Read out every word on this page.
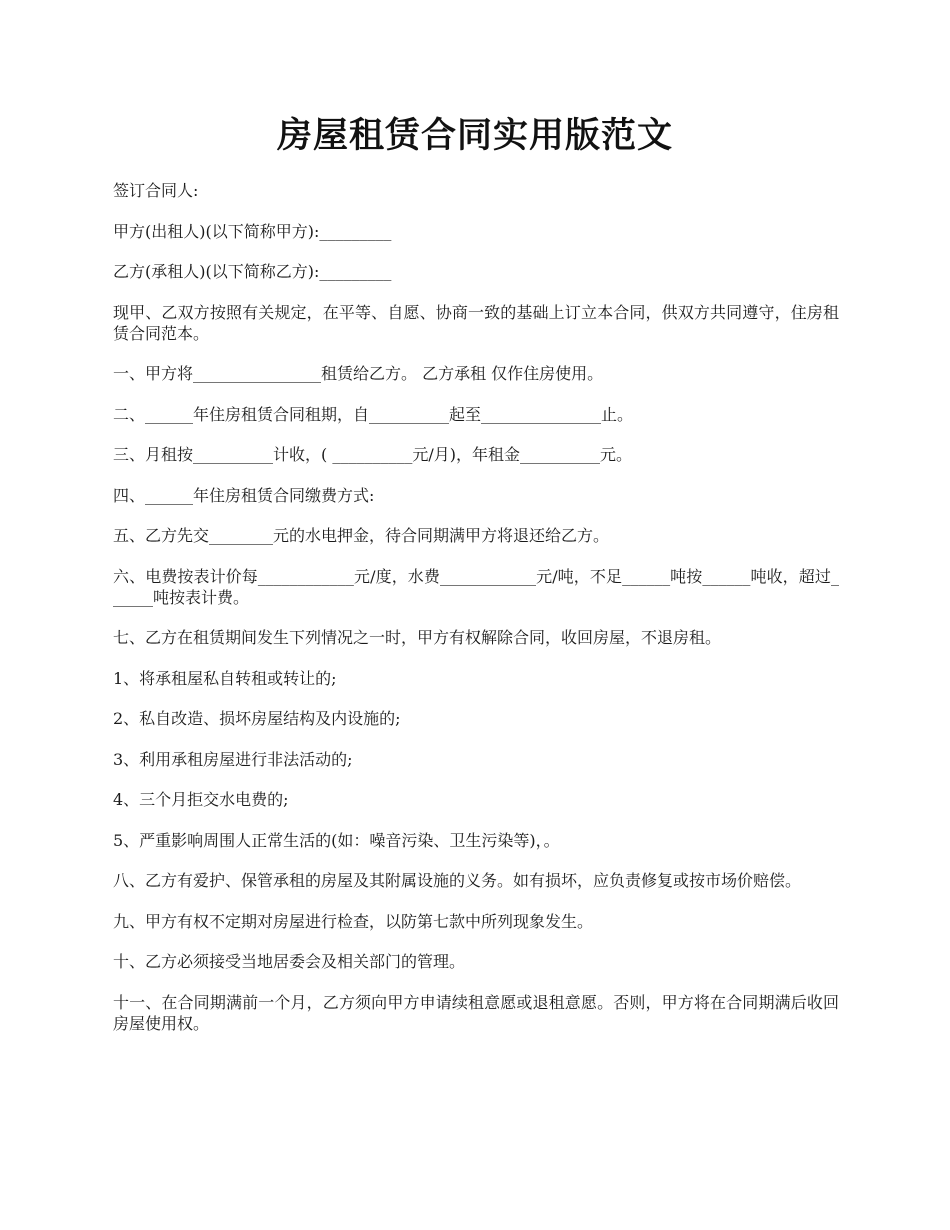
房屋租赁合同实用版范文

签订合同人:

甲方(出租人)(以下简称甲方):_________

乙方(承租人)(以下简称乙方):_________

现甲、乙双方按照有关规定，在平等、自愿、协商一致的基础上订立本合同，供双方共同遵守，住房租赁合同范本。

一、甲方将________________租赁给乙方。 乙方承租 仅作住房使用。

二、______年住房租赁合同租期，自__________起至_______________止。

三、月租按__________计收，( __________元/月)，年租金__________元。

四、______年住房租赁合同缴费方式:

五、乙方先交________元的水电押金，待合同期满甲方将退还给乙方。

六、电费按表计价每____________元/度，水费____________元/吨，不足______吨按______吨收，超过______吨按表计费。

七、乙方在租赁期间发生下列情况之一时，甲方有权解除合同，收回房屋，不退房租。

1、将承租屋私自转租或转让的;

2、私自改造、损坏房屋结构及内设施的;

3、利用承租房屋进行非法活动的;

4、三个月拒交水电费的;

5、严重影响周围人正常生活的(如：噪音污染、卫生污染等)，。

八、乙方有爱护、保管承租的房屋及其附属设施的义务。如有损坏，应负责修复或按市场价赔偿。

九、甲方有权不定期对房屋进行检查，以防第七款中所列现象发生。

十、乙方必须接受当地居委会及相关部门的管理。

十一、在合同期满前一个月，乙方须向甲方申请续租意愿或退租意愿。否则，甲方将在合同期满后收回房屋使用权。
